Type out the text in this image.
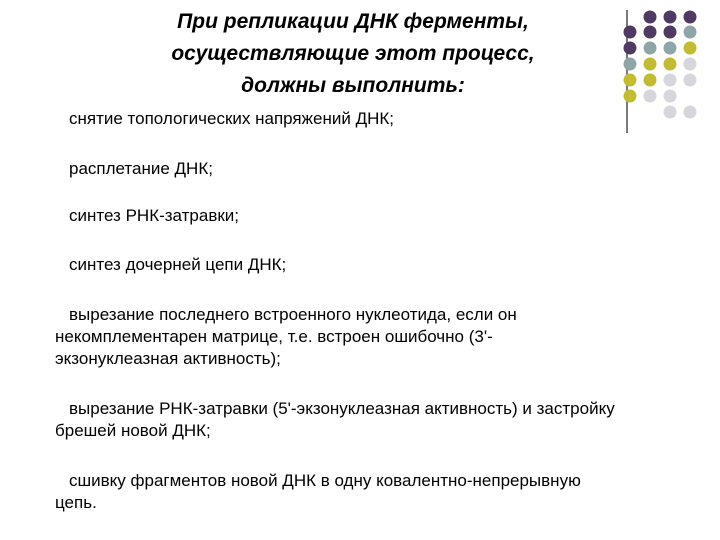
При репликации ДНК ферменты,
осуществляющие этот процесс,
должны выполнить:

снятие топологических напряжений ДНК;

расплетание ДНК;

синтез РНК-затравки;

синтез дочерней цепи ДНК;

вырезание последнего встроенного нуклеотида, если он некомплементарен матрице, т.е. встроен ошибочно (3'-экзонуклеазная активность);

вырезание РНК-затравки (5'-экзонуклеазная активность) и застройку брешей новой ДНК;

сшивку фрагментов новой ДНК в одну ковалентно-непрерывную цепь.
